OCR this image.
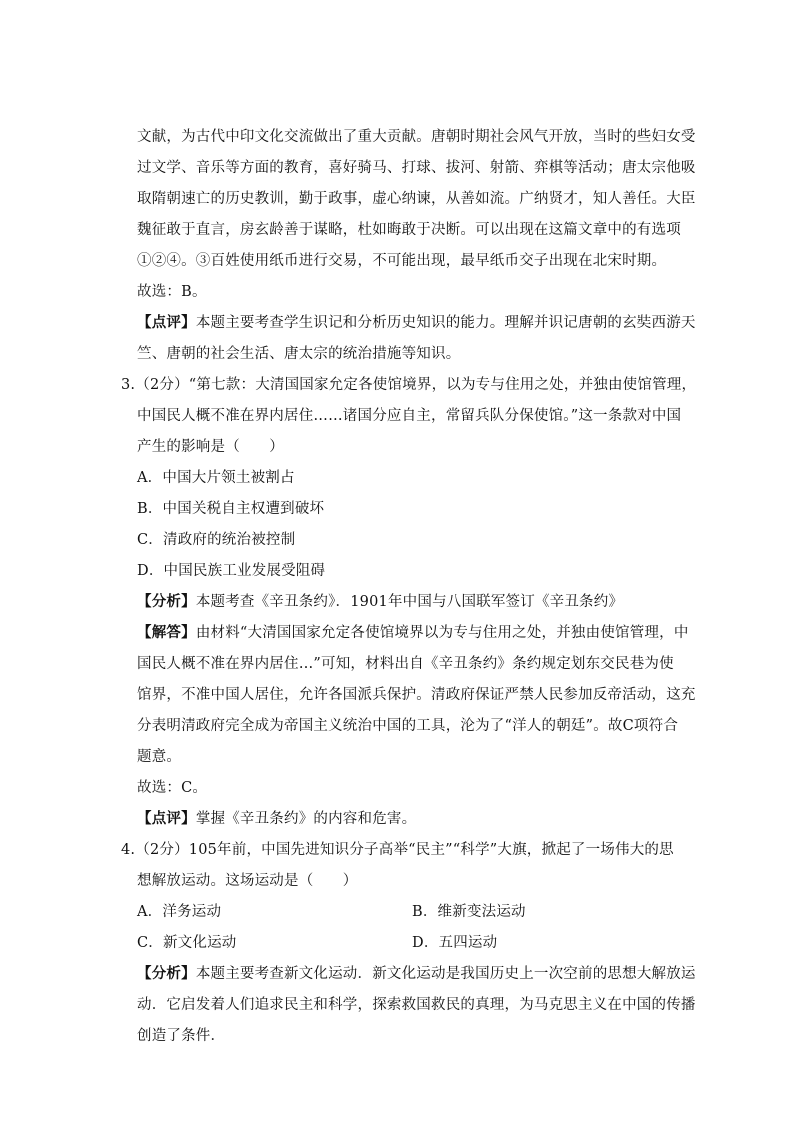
文献，为古代中印文化交流做出了重大贡献。唐朝时期社会风气开放，当时的些妇女受
过文学、音乐等方面的教育，喜好骑马、打球、拔河、射箭、弈棋等活动；唐太宗他吸
取隋朝速亡的历史教训，勤于政事，虚心纳谏，从善如流。广纳贤才，知人善任。大臣
魏征敢于直言，房玄龄善于谋略，杜如晦敢于决断。可以出现在这篇文章中的有选项
①②④。③百姓使用纸币进行交易，不可能出现，最早纸币交子出现在北宋时期。
故选：B。
【点评】本题主要考查学生识记和分析历史知识的能力。理解并识记唐朝的玄奘西游天
竺、唐朝的社会生活、唐太宗的统治措施等知识。
3.（2分）“第七款：大清国国家允定各使馆境界，以为专与住用之处，并独由使馆管理，
中国民人概不准在界内居住……诸国分应自主，常留兵队分保使馆。”这一条款对中国
产生的影响是（　　）
A．中国大片领土被割占
B．中国关税自主权遭到破坏
C．清政府的统治被控制
D．中国民族工业发展受阻碍
【分析】本题考查《辛丑条约》．1901年中国与八国联军签订《辛丑条约》
【解答】由材料“大清国国家允定各使馆境界以为专与住用之处，并独由使馆管理，中
国民人概不准在界内居住…”可知，材料出自《辛丑条约》条约规定划东交民巷为使
馆界，不准中国人居住，允许各国派兵保护。清政府保证严禁人民参加反帝活动，这充
分表明清政府完全成为帝国主义统治中国的工具，沦为了“洋人的朝廷”。故C项符合
题意。
故选：C。
【点评】掌握《辛丑条约》的内容和危害。
4.（2分）105年前，中国先进知识分子高举“民主”“科学”大旗，掀起了一场伟大的思
想解放运动。这场运动是（　　）
A．洋务运动	B．维新变法运动
C．新文化运动	D．五四运动
【分析】本题主要考查新文化运动．新文化运动是我国历史上一次空前的思想大解放运
动．它启发着人们追求民主和科学，探索救国救民的真理，为马克思主义在中国的传播
创造了条件．
